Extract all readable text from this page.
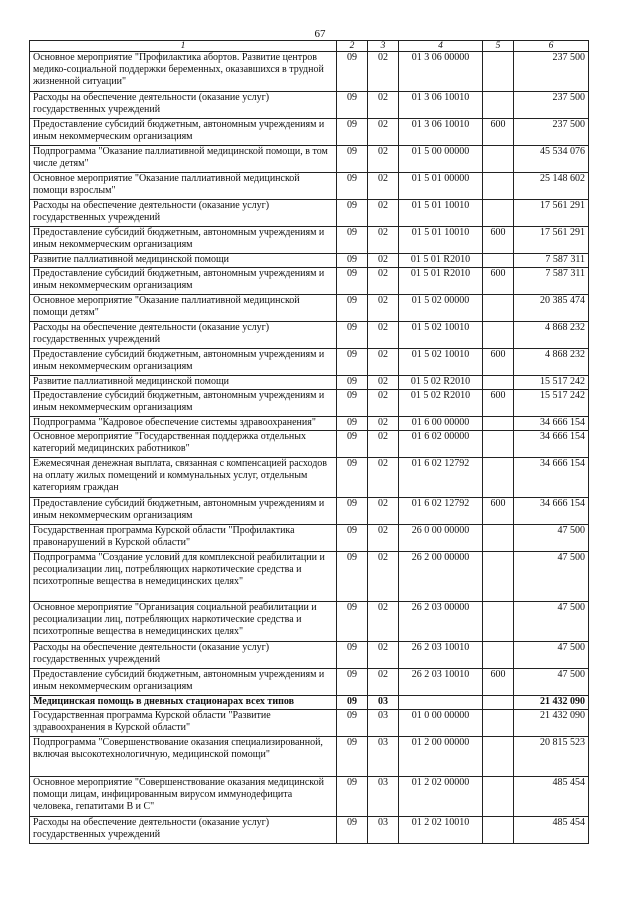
67
1	2	3	4	5	6
Основное мероприятие "Профилактика абортов. Развитие центров медико-социальной поддержки беременных, оказавшихся в трудной жизненной ситуации"	09	02	01 3 06 00000		237 500
Расходы на обеспечение деятельности (оказание услуг) государственных учреждений	09	02	01 3 06 10010		237 500
Предоставление субсидий бюджетным, автономным учреждениям и иным некоммерческим организациям	09	02	01 3 06 10010	600	237 500
Подпрограмма "Оказание паллиативной медицинской помощи, в том числе детям"	09	02	01 5 00 00000		45 534 076
Основное мероприятие "Оказание паллиативной медицинской помощи взрослым"	09	02	01 5 01 00000		25 148 602
Расходы на обеспечение деятельности (оказание услуг) государственных учреждений	09	02	01 5 01 10010		17 561 291
Предоставление субсидий бюджетным, автономным учреждениям и иным некоммерческим организациям	09	02	01 5 01 10010	600	17 561 291
Развитие паллиативной медицинской помощи	09	02	01 5 01 R2010		7 587 311
Предоставление субсидий бюджетным, автономным учреждениям и иным некоммерческим организациям	09	02	01 5 01 R2010	600	7 587 311
Основное мероприятие "Оказание паллиативной медицинской помощи детям"	09	02	01 5 02 00000		20 385 474
Расходы на обеспечение деятельности (оказание услуг) государственных учреждений	09	02	01 5 02 10010		4 868 232
Предоставление субсидий бюджетным, автономным учреждениям и иным некоммерческим организациям	09	02	01 5 02 10010	600	4 868 232
Развитие паллиативной медицинской помощи	09	02	01 5 02 R2010		15 517 242
Предоставление субсидий бюджетным, автономным учреждениям и иным некоммерческим организациям	09	02	01 5 02 R2010	600	15 517 242
Подпрограмма "Кадровое обеспечение системы здравоохранения"	09	02	01 6 00 00000		34 666 154
Основное мероприятие "Государственная поддержка отдельных категорий медицинских работников"	09	02	01 6 02 00000		34 666 154
Ежемесячная денежная выплата, связанная с компенсацией расходов на оплату жилых помещений и коммунальных услуг, отдельным категориям граждан	09	02	01 6 02 12792		34 666 154
Предоставление субсидий бюджетным, автономным учреждениям и иным некоммерческим организациям	09	02	01 6 02 12792	600	34 666 154
Государственная программа Курской области "Профилактика правонарушений в Курской области"	09	02	26 0 00 00000		47 500
Подпрограмма "Создание условий для комплексной реабилитации и ресоциализации лиц, потребляющих наркотические средства и психотропные вещества в немедицинских целях"	09	02	26 2 00 00000		47 500
Основное мероприятие "Организация социальной реабилитации и ресоциализации лиц, потребляющих наркотические средства и психотропные вещества в немедицинских целях"	09	02	26 2 03 00000		47 500
Расходы на обеспечение деятельности (оказание услуг) государственных учреждений	09	02	26 2 03 10010		47 500
Предоставление субсидий бюджетным, автономным учреждениям и иным некоммерческим организациям	09	02	26 2 03 10010	600	47 500
Медицинская помощь в дневных стационарах всех типов	09	03			21 432 090
Государственная программа Курской области "Развитие здравоохранения в Курской области"	09	03	01 0 00 00000		21 432 090
Подпрограмма "Совершенствование оказания специализированной, включая высокотехнологичную, медицинской помощи"	09	03	01 2 00 00000		20 815 523
Основное мероприятие "Совершенствование оказания медицинской помощи лицам, инфицированным вирусом иммунодефицита человека, гепатитами В и С"	09	03	01 2 02 00000		485 454
Расходы на обеспечение деятельности (оказание услуг) государственных учреждений	09	03	01 2 02 10010		485 454
